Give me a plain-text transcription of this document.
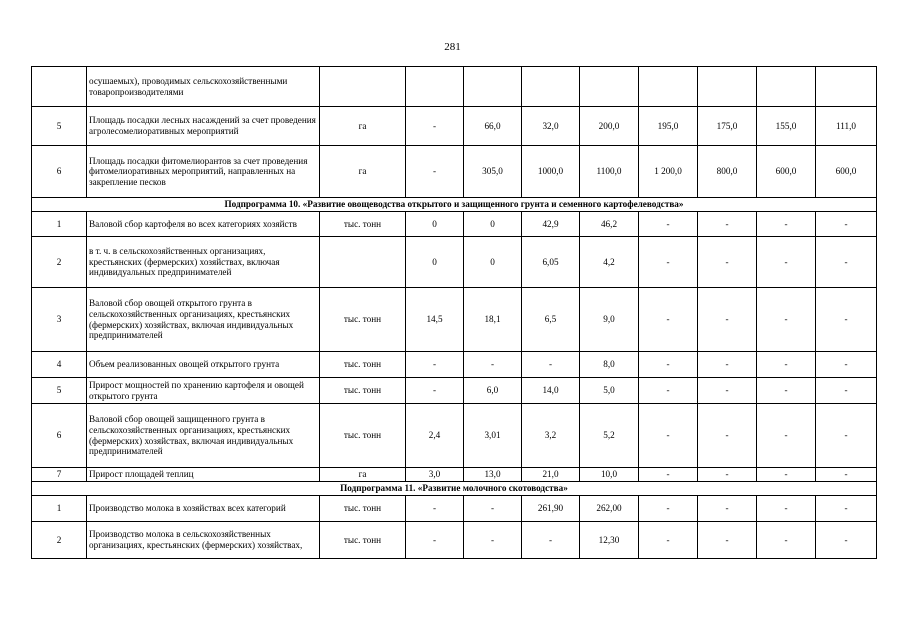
281
	осушаемых), проводимых сельскохозяйственными товаропроизводителями									
5	Площадь посадки лесных насаждений за счет проведения агролесомелиоративных мероприятий	га	-	66,0	32,0	200,0	195,0	175,0	155,0	111,0
6	Площадь посадки фитомелиорантов за счет проведения фитомелиоративных мероприятий, направленных на закрепление песков	га	-	305,0	1000,0	1100,0	1 200,0	800,0	600,0	600,0
Подпрограмма 10. «Развитие овощеводства открытого и защищенного грунта и семенного картофелеводства»										
1	Валовой сбор картофеля во всех категориях хозяйств	тыс. тонн	0	0	42,9	46,2	-	-	-	-
2	в т. ч. в сельскохозяйственных организациях, крестьянских (фермерских) хозяйствах, включая индивидуальных предпринимателей		0	0	6,05	4,2	-	-	-	-
3	Валовой сбор овощей открытого грунта в сельскохозяйственных организациях, крестьянских (фермерских) хозяйствах, включая индивидуальных предпринимателей	тыс. тонн	14,5	18,1	6,5	9,0	-	-	-	-
4	Объем реализованных овощей открытого грунта	тыс. тонн	-	-	-	8,0	-	-	-	-
5	Прирост мощностей по хранению картофеля и овощей открытого грунта	тыс. тонн	-	6,0	14,0	5,0	-	-	-	-
6	Валовой сбор овощей защищенного грунта в сельскохозяйственных организациях, крестьянских (фермерских) хозяйствах, включая индивидуальных предпринимателей	тыс. тонн	2,4	3,01	3,2	5,2	-	-	-	-
7	Прирост площадей теплиц	га	3,0	13,0	21,0	10,0	-	-	-	-
Подпрограмма 11. «Развитие молочного скотоводства»										
1	Производство молока в хозяйствах всех категорий	тыс. тонн	-	-	261,90	262,00	-	-	-	-
2	Производство молока в сельскохозяйственных организациях, крестьянских (фермерских) хозяйствах,	тыс. тонн	-	-	-	12,30	-	-	-	-
